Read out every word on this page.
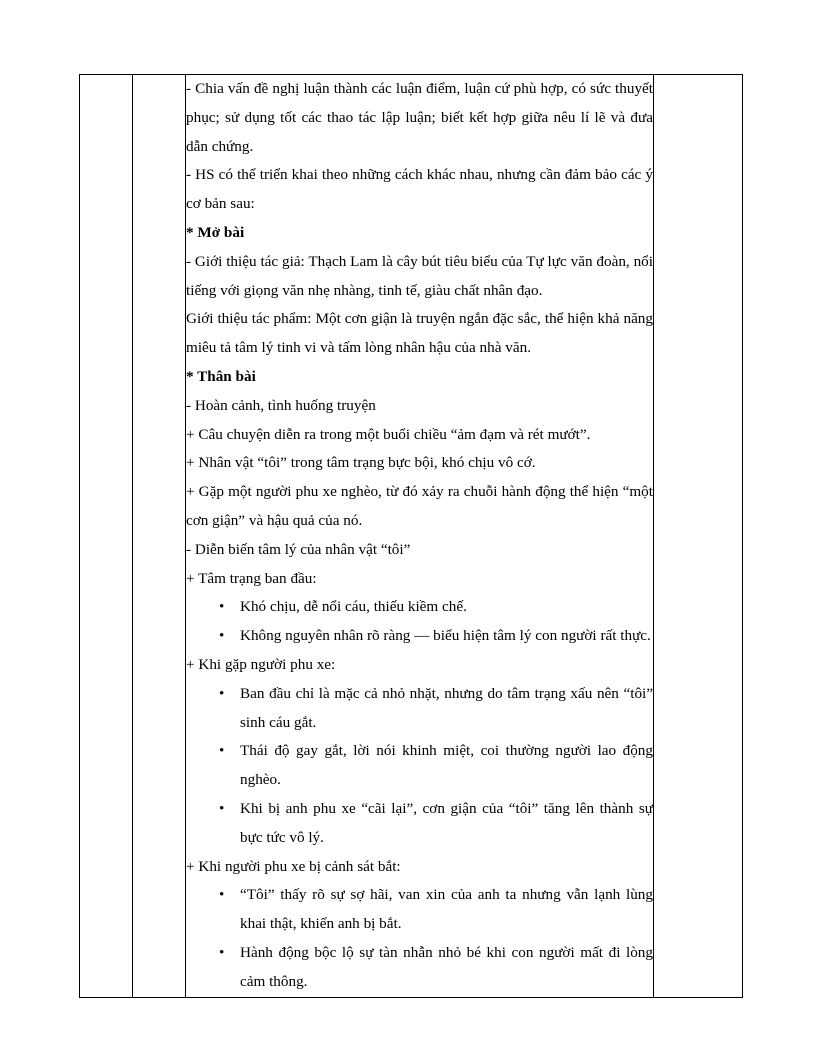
- Chia vấn đề nghị luận thành các luận điểm, luận cứ phù hợp, có sức thuyết phục; sử dụng tốt các thao tác lập luận; biết kết hợp giữa nêu lí lẽ và đưa dẫn chứng.

- HS có thể triển khai theo những cách khác nhau, nhưng cần đảm bảo các ý cơ bản sau:

* Mở bài

- Giới thiệu tác giả: Thạch Lam là cây bút tiêu biểu của Tự lực văn đoàn, nổi tiếng với giọng văn nhẹ nhàng, tinh tế, giàu chất nhân đạo.

Giới thiệu tác phẩm: Một cơn giận là truyện ngắn đặc sắc, thể hiện khả năng miêu tả tâm lý tinh vi và tấm lòng nhân hậu của nhà văn.

* Thân bài

- Hoàn cảnh, tình huống truyện

+ Câu chuyện diễn ra trong một buổi chiều “ảm đạm và rét mướt”.

+ Nhân vật “tôi” trong tâm trạng bực bội, khó chịu vô cớ.

+ Gặp một người phu xe nghèo, từ đó xảy ra chuỗi hành động thể hiện “một cơn giận” và hậu quả của nó.

- Diễn biến tâm lý của nhân vật “tôi”

+ Tâm trạng ban đầu:

• Khó chịu, dễ nổi cáu, thiếu kiềm chế.
• Không nguyên nhân rõ ràng — biểu hiện tâm lý con người rất thực.

+ Khi gặp người phu xe:

• Ban đầu chỉ là mặc cả nhỏ nhặt, nhưng do tâm trạng xấu nên “tôi” sinh cáu gắt.
• Thái độ gay gắt, lời nói khinh miệt, coi thường người lao động nghèo.
• Khi bị anh phu xe “cãi lại”, cơn giận của “tôi” tăng lên thành sự bực tức vô lý.

+ Khi người phu xe bị cảnh sát bắt:

• “Tôi” thấy rõ sự sợ hãi, van xin của anh ta nhưng vẫn lạnh lùng khai thật, khiến anh bị bắt.
• Hành động bộc lộ sự tàn nhẫn nhỏ bé khi con người mất đi lòng cảm thông.
